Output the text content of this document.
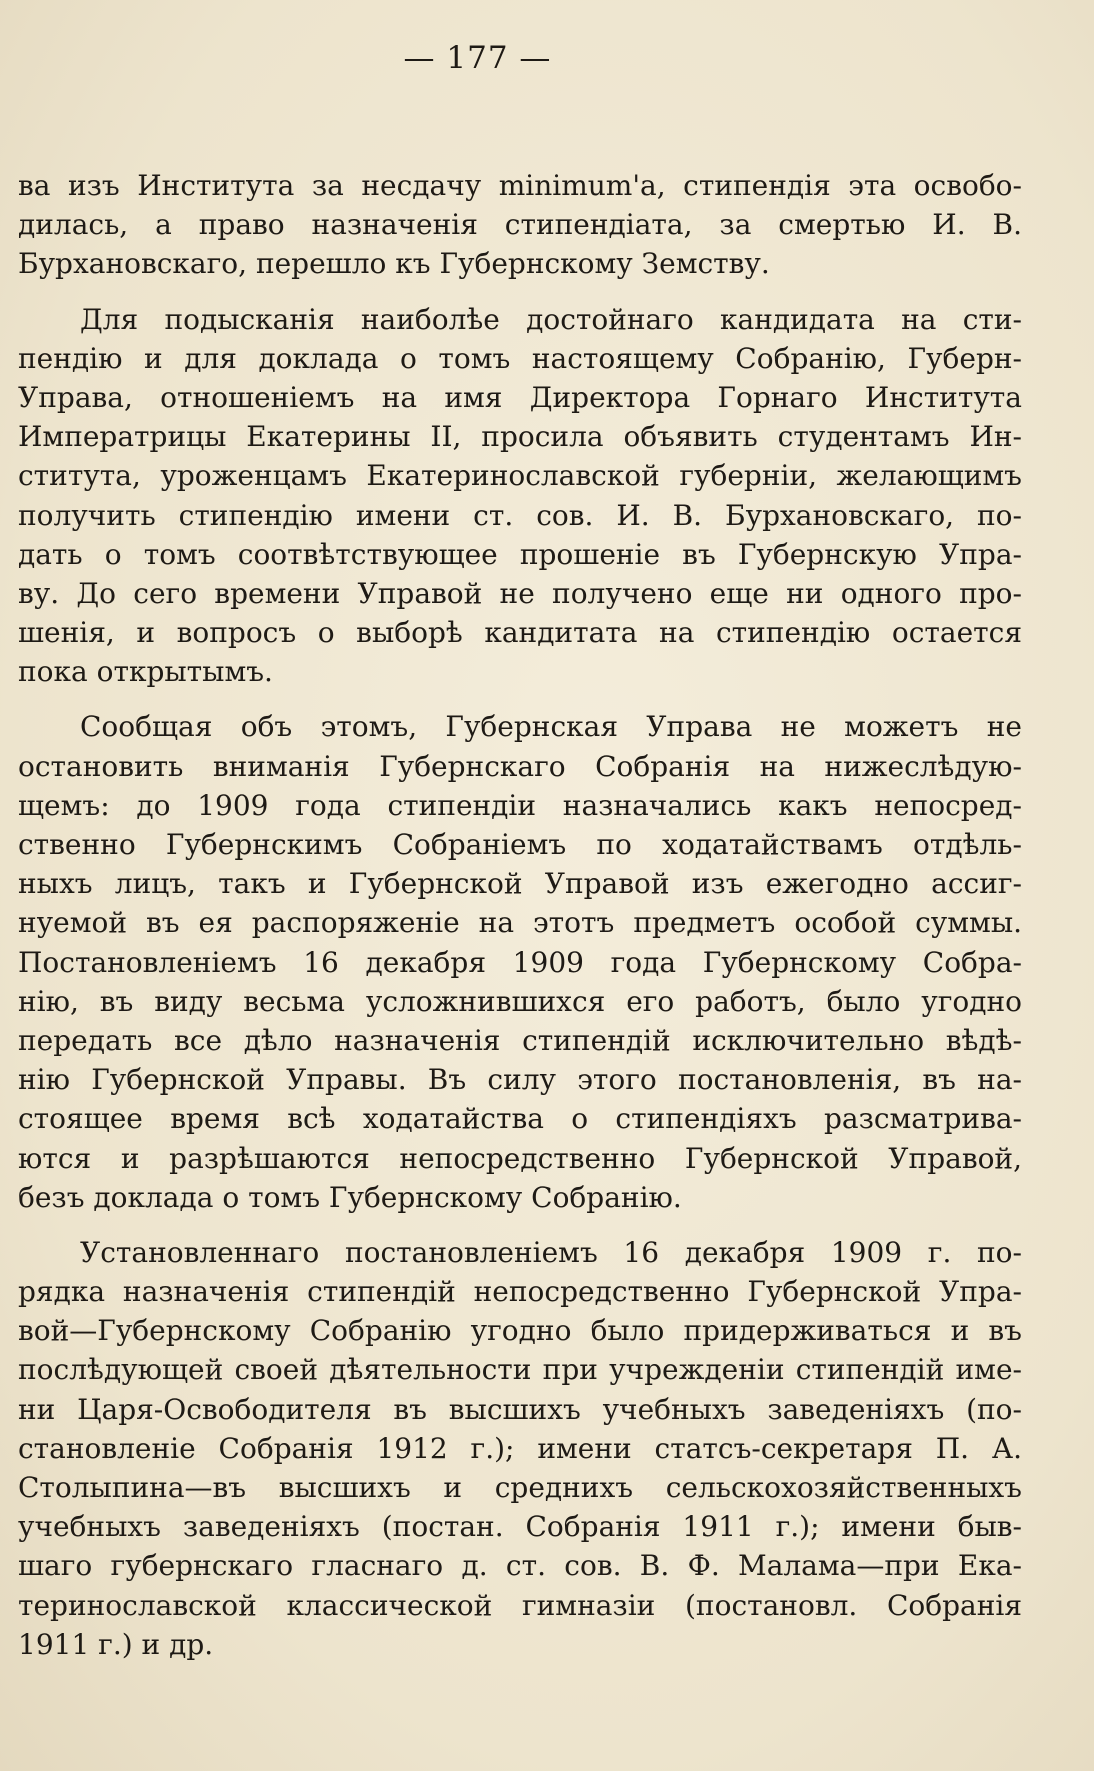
— 177 —
ва изъ Института за несдачу minimum'а, стипендія эта освобо-
дилась, а право назначенія стипендіата, за смертью И. В.
Бурхановскаго, перешло къ Губернскому Земству.
Для подысканія наиболѣе достойнаго кандидата на сти-
пендію и для доклада о томъ настоящему Собранію, Губерн-
Управа, отношеніемъ на имя Директора Горнаго Института
Императрицы Екатерины II, просила объявить студентамъ Ин-
ститута, уроженцамъ Екатеринославской губерніи, желающимъ
получить стипендію имени ст. сов. И. В. Бурхановскаго, по-
дать о томъ соотвѣтствующее прошеніе въ Губернскую Упра-
ву. До сего времени Управой не получено еще ни одного про-
шенія, и вопросъ о выборѣ кандитата на стипендію остается
пока открытымъ.
Сообщая объ этомъ, Губернская Управа не можетъ не
остановить вниманія Губернскаго Собранія на нижеслѣдую-
щемъ: до 1909 года стипендіи назначались какъ непосред-
ственно Губернскимъ Собраніемъ по ходатайствамъ отдѣль-
ныхъ лицъ, такъ и Губернской Управой изъ ежегодно ассиг-
нуемой въ ея распоряженіе на этотъ предметъ особой суммы.
Постановленіемъ 16 декабря 1909 года Губернскому Собра-
нію, въ виду весьма усложнившихся его работъ, было угодно
передать все дѣло назначенія стипендій исключительно вѣдѣ-
нію Губернской Управы. Въ силу этого постановленія, въ на-
стоящее время всѣ ходатайства о стипендіяхъ разсматрива-
ются и разрѣшаются непосредственно Губернской Управой,
безъ доклада о томъ Губернскому Собранію.
Установленнаго постановленіемъ 16 декабря 1909 г. по-
рядка назначенія стипендій непосредственно Губернской Упра-
вой—Губернскому Собранію угодно было придерживаться и въ
послѣдующей своей дѣятельности при учрежденіи стипендій име-
ни Царя-Освободителя въ высшихъ учебныхъ заведеніяхъ (по-
становленіе Собранія 1912 г.); имени статсъ-секретаря П. А.
Столыпина—въ высшихъ и среднихъ сельскохозяйственныхъ
учебныхъ заведеніяхъ (постан. Собранія 1911 г.); имени быв-
шаго губернскаго гласнаго д. ст. сов. В. Ф. Малама—при Ека-
теринославской классической гимназіи (постановл. Собранія
1911 г.) и др.
